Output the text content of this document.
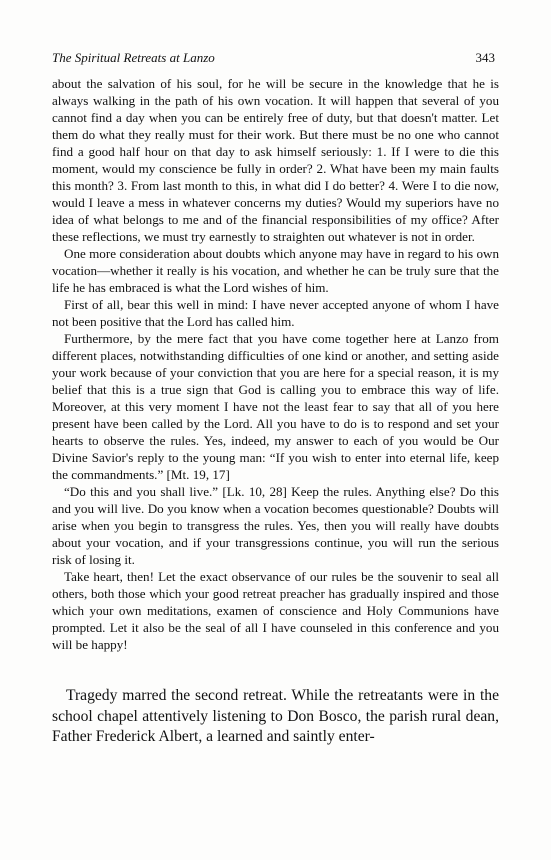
The Spiritual Retreats at Lanzo	343

about the salvation of his soul, for he will be secure in the knowledge that he is always walking in the path of his own vocation. It will happen that several of you cannot find a day when you can be entirely free of duty, but that doesn't matter. Let them do what they really must for their work. But there must be no one who cannot find a good half hour on that day to ask himself seriously: 1. If I were to die this moment, would my conscience be fully in order? 2. What have been my main faults this month? 3. From last month to this, in what did I do better? 4. Were I to die now, would I leave a mess in whatever concerns my duties? Would my superiors have no idea of what belongs to me and of the financial responsibilities of my office? After these reflections, we must try earnestly to straighten out whatever is not in order.

One more consideration about doubts which anyone may have in regard to his own vocation—whether it really is his vocation, and whether he can be truly sure that the life he has embraced is what the Lord wishes of him.

First of all, bear this well in mind: I have never accepted anyone of whom I have not been positive that the Lord has called him.

Furthermore, by the mere fact that you have come together here at Lanzo from different places, notwithstanding difficulties of one kind or another, and setting aside your work because of your conviction that you are here for a special reason, it is my belief that this is a true sign that God is calling you to embrace this way of life. Moreover, at this very moment I have not the least fear to say that all of you here present have been called by the Lord. All you have to do is to respond and set your hearts to observe the rules. Yes, indeed, my answer to each of you would be Our Divine Savior's reply to the young man: “If you wish to enter into eternal life, keep the commandments.” [Mt. 19, 17]

“Do this and you shall live.” [Lk. 10, 28] Keep the rules. Anything else? Do this and you will live. Do you know when a vocation becomes questionable? Doubts will arise when you begin to transgress the rules. Yes, then you will really have doubts about your vocation, and if your transgressions continue, you will run the serious risk of losing it.

Take heart, then! Let the exact observance of our rules be the souvenir to seal all others, both those which your good retreat preacher has gradually inspired and those which your own meditations, examen of conscience and Holy Communions have prompted. Let it also be the seal of all I have counseled in this conference and you will be happy!

Tragedy marred the second retreat. While the retreatants were in the school chapel attentively listening to Don Bosco, the parish rural dean, Father Frederick Albert, a learned and saintly enter-
